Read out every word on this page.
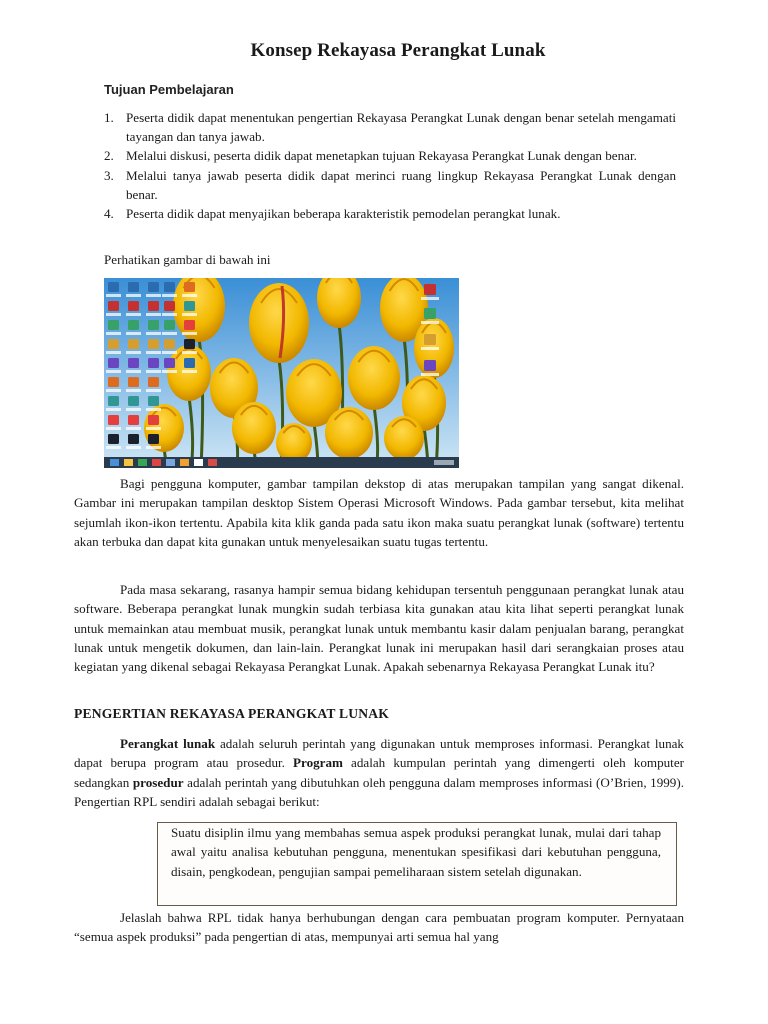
Konsep Rekayasa Perangkat Lunak
Tujuan Pembelajaran
1. Peserta didik dapat menentukan pengertian Rekayasa Perangkat Lunak dengan benar setelah mengamati tayangan dan tanya jawab.
2. Melalui diskusi, peserta didik dapat menetapkan tujuan Rekayasa Perangkat Lunak dengan benar.
3. Melalui tanya jawab peserta didik dapat merinci ruang lingkup Rekayasa Perangkat Lunak dengan benar.
4. Peserta didik dapat menyajikan beberapa karakteristik pemodelan perangkat lunak.

Perhatikan gambar di bawah ini

Bagi pengguna komputer, gambar tampilan dekstop di atas merupakan tampilan yang sangat dikenal. Gambar ini merupakan tampilan desktop Sistem Operasi Microsoft Windows. Pada gambar tersebut, kita melihat sejumlah ikon-ikon tertentu. Apabila kita klik ganda pada satu ikon maka suatu perangkat lunak (software) tertentu akan terbuka dan dapat kita gunakan untuk menyelesaikan suatu tugas tertentu.

Pada masa sekarang, rasanya hampir semua bidang kehidupan tersentuh penggunaan perangkat lunak atau software. Beberapa perangkat lunak mungkin sudah terbiasa kita gunakan atau kita lihat seperti perangkat lunak untuk memainkan atau membuat musik, perangkat lunak untuk membantu kasir dalam penjualan barang, perangkat lunak untuk mengetik dokumen, dan lain-lain. Perangkat lunak ini merupakan hasil dari serangkaian proses atau kegiatan yang dikenal sebagai Rekayasa Perangkat Lunak. Apakah sebenarnya Rekayasa Perangkat Lunak itu?

PENGERTIAN REKAYASA PERANGKAT LUNAK

Perangkat lunak adalah seluruh perintah yang digunakan untuk memproses informasi. Perangkat lunak dapat berupa program atau prosedur. Program adalah kumpulan perintah yang dimengerti oleh komputer sedangkan prosedur adalah perintah yang dibutuhkan oleh pengguna dalam memproses informasi (O’Brien, 1999). Pengertian RPL sendiri adalah sebagai berikut:

Suatu disiplin ilmu yang membahas semua aspek produksi perangkat lunak, mulai dari tahap awal yaitu analisa kebutuhan pengguna, menentukan spesifikasi dari kebutuhan pengguna, disain, pengkodean, pengujian sampai pemeliharaan sistem setelah digunakan.

Jelaslah bahwa RPL tidak hanya berhubungan dengan cara pembuatan program komputer. Pernyataan “semua aspek produksi” pada pengertian di atas, mempunyai arti semua hal yang
